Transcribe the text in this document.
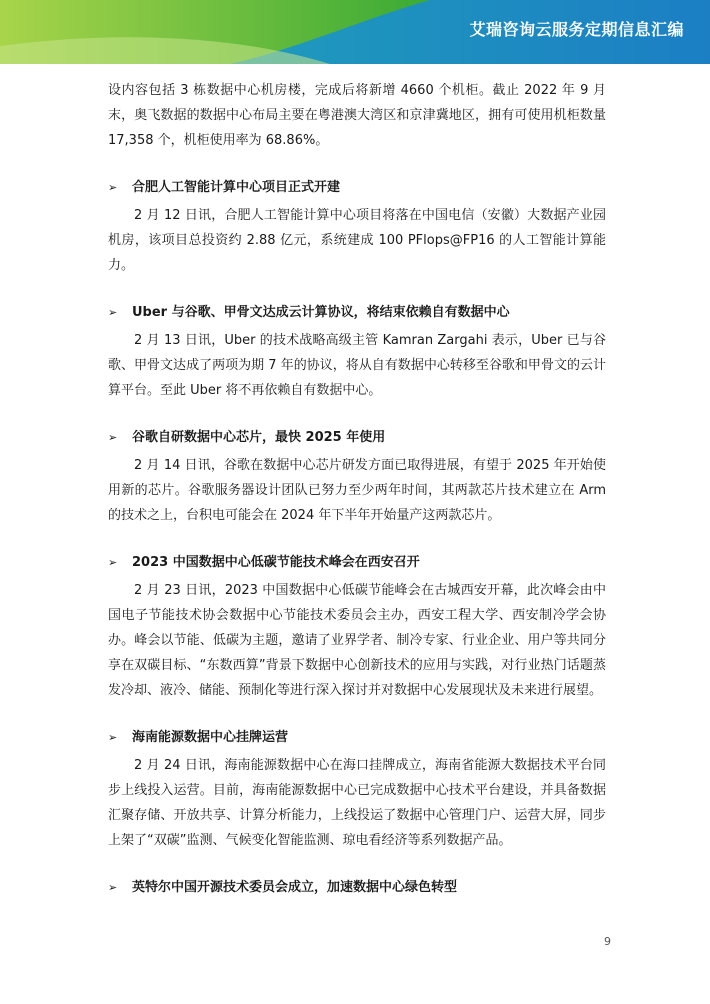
艾瑞咨询云服务定期信息汇编

设内容包括 3 栋数据中心机房楼，完成后将新增 4660 个机柜。截止 2022 年 9 月末，奥飞数据的数据中心布局主要在粤港澳大湾区和京津冀地区，拥有可使用机柜数量 17,358 个，机柜使用率为 68.86%。

➢	合肥人工智能计算中心项目正式开建

2 月 12 日讯，合肥人工智能计算中心项目将落在中国电信（安徽）大数据产业园机房，该项目总投资约 2.88 亿元，系统建成 100 PFlops@FP16 的人工智能计算能力。

➢	Uber 与谷歌、甲骨文达成云计算协议，将结束依赖自有数据中心

2 月 13 日讯，Uber 的技术战略高级主管 Kamran Zargahi 表示，Uber 已与谷歌、甲骨文达成了两项为期 7 年的协议，将从自有数据中心转移至谷歌和甲骨文的云计算平台。至此 Uber 将不再依赖自有数据中心。

➢	谷歌自研数据中心芯片，最快 2025 年使用

2 月 14 日讯，谷歌在数据中心芯片研发方面已取得进展，有望于 2025 年开始使用新的芯片。谷歌服务器设计团队已努力至少两年时间，其两款芯片技术建立在 Arm 的技术之上，台积电可能会在 2024 年下半年开始量产这两款芯片。

➢	2023 中国数据中心低碳节能技术峰会在西安召开

2 月 23 日讯，2023 中国数据中心低碳节能峰会在古城西安开幕，此次峰会由中国电子节能技术协会数据中心节能技术委员会主办，西安工程大学、西安制冷学会协办。峰会以节能、低碳为主题，邀请了业界学者、制冷专家、行业企业、用户等共同分享在双碳目标、“东数西算”背景下数据中心创新技术的应用与实践，对行业热门话题蒸发冷却、液冷、储能、预制化等进行深入探讨并对数据中心发展现状及未来进行展望。

➢	海南能源数据中心挂牌运营

2 月 24 日讯，海南能源数据中心在海口挂牌成立，海南省能源大数据技术平台同步上线投入运营。目前，海南能源数据中心已完成数据中心技术平台建设，并具备数据汇聚存储、开放共享、计算分析能力，上线投运了数据中心管理门户、运营大屏，同步上架了“双碳”监测、气候变化智能监测、琼电看经济等系列数据产品。

➢	英特尔中国开源技术委员会成立，加速数据中心绿色转型
9
